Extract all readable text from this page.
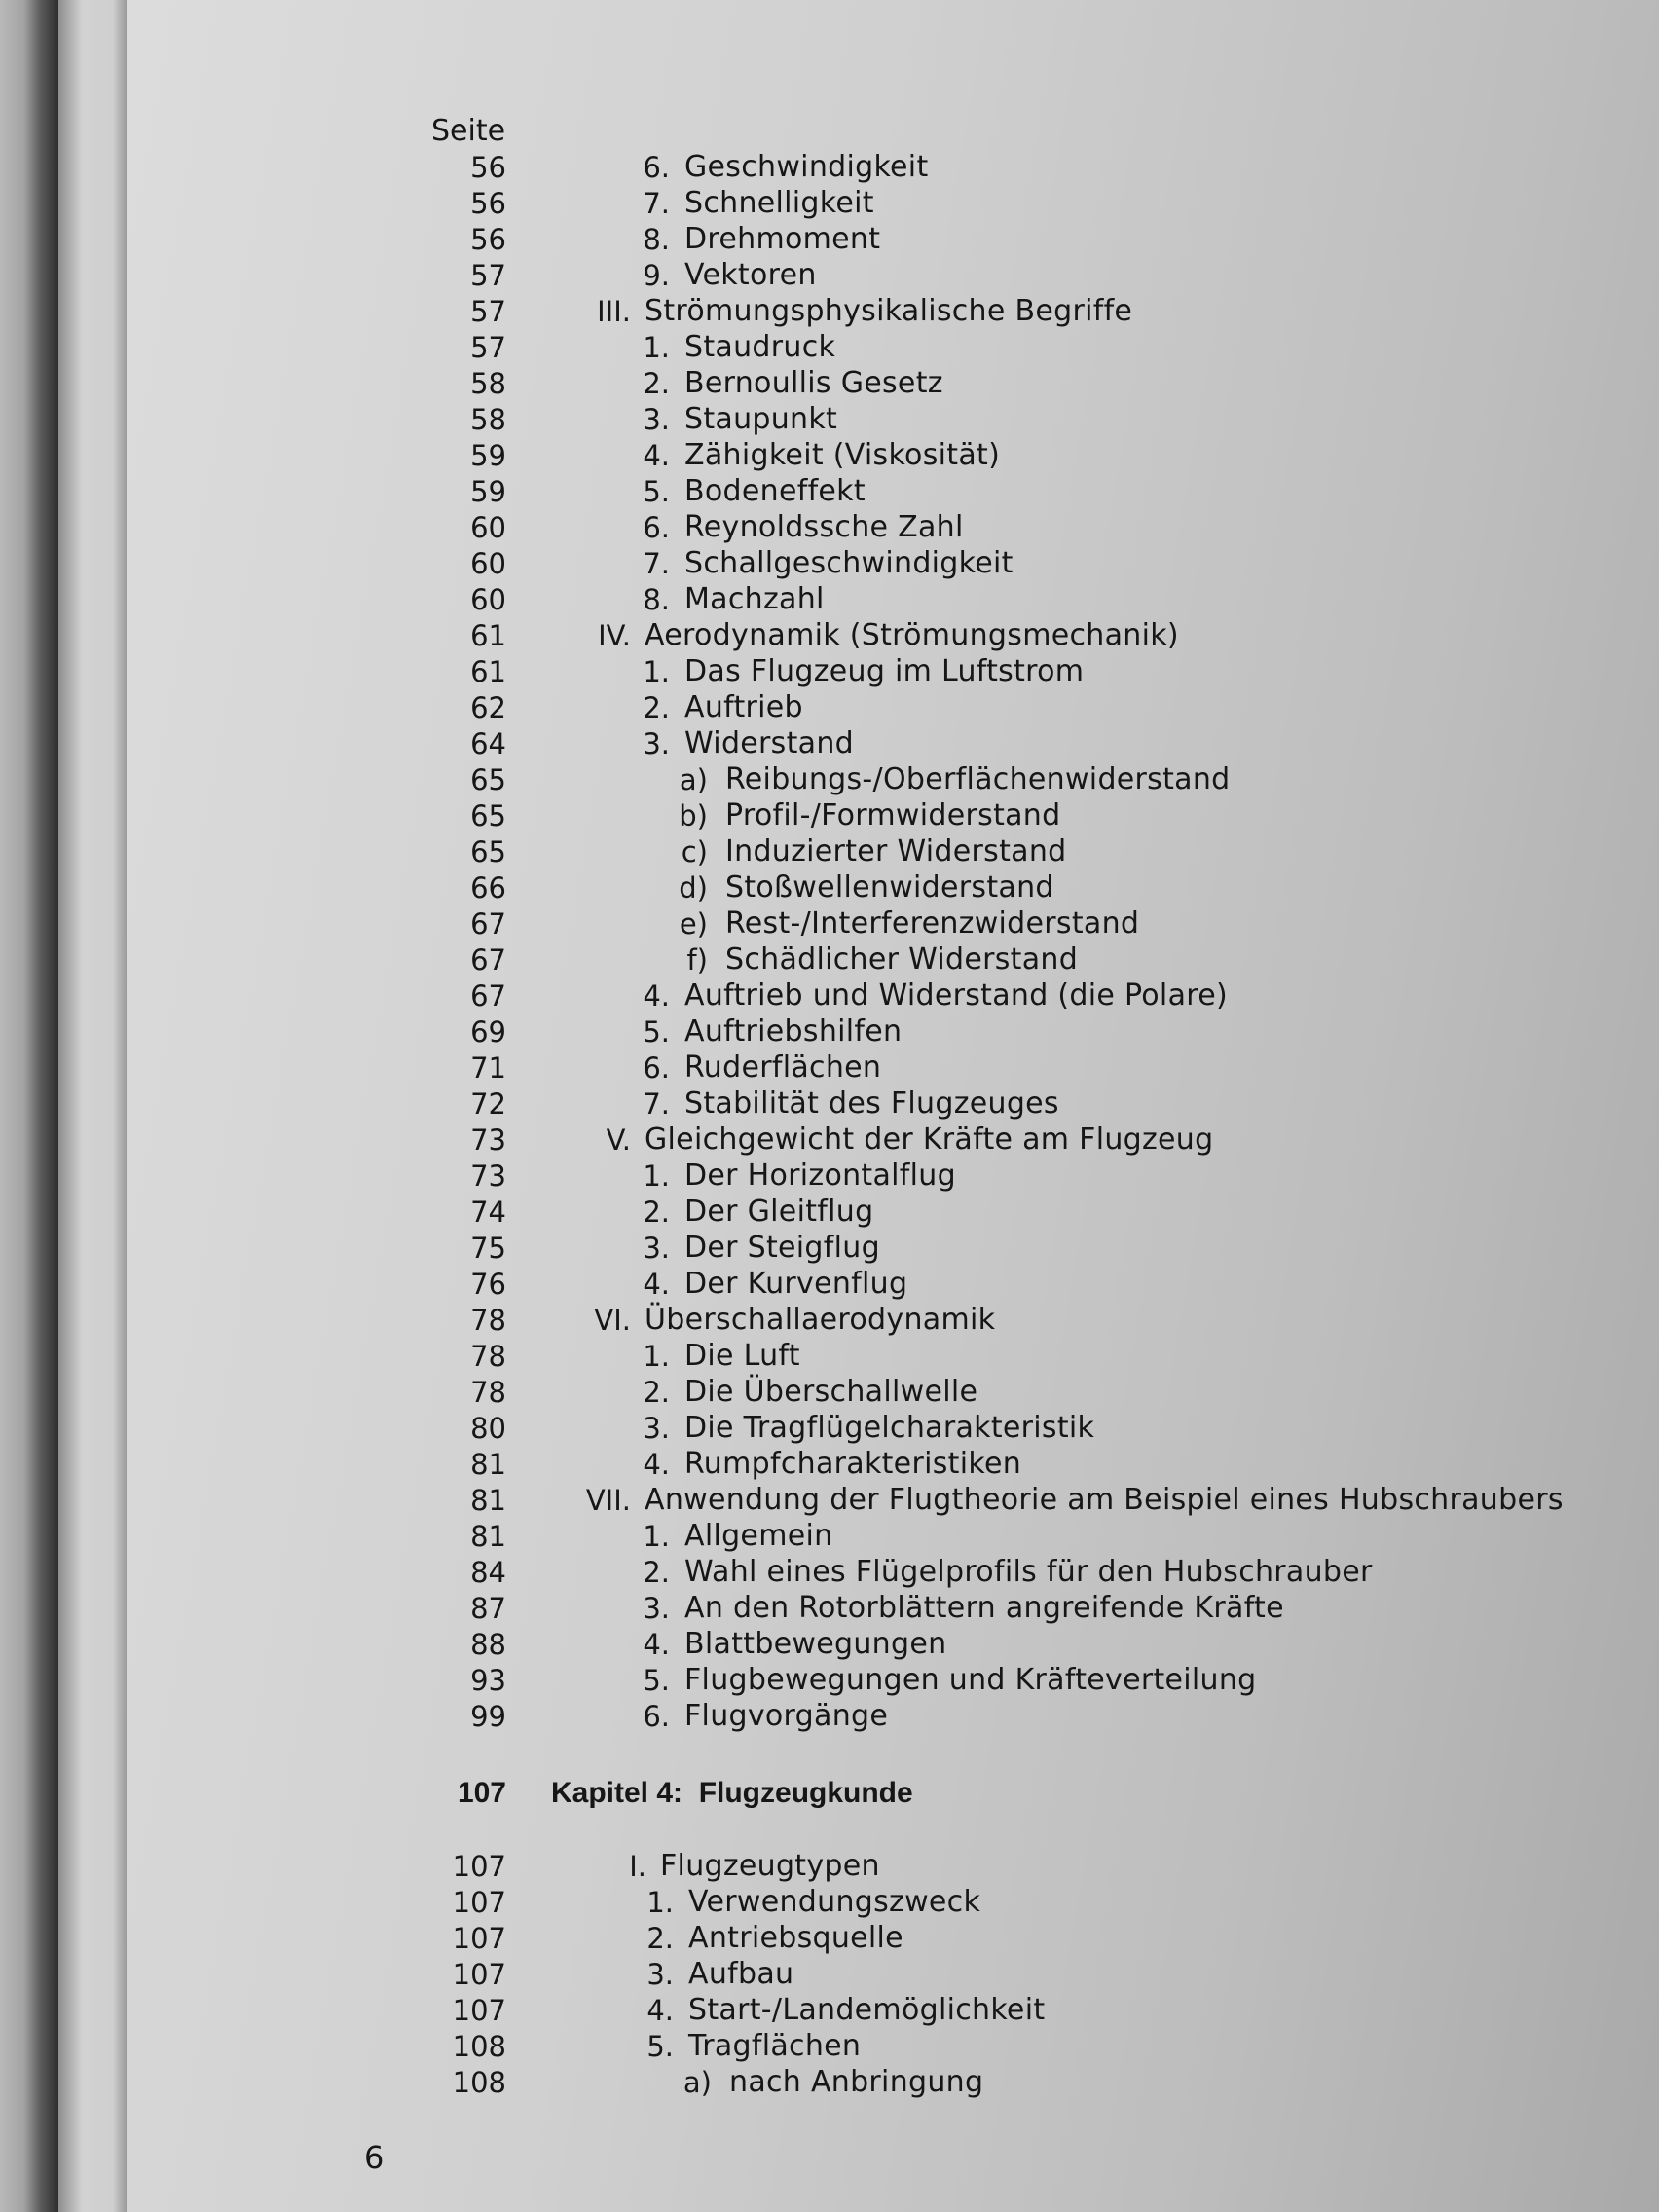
Seite
56	6. Geschwindigkeit
56	7. Schnelligkeit
56	8. Drehmoment
57	9. Vektoren
57	III. Strömungsphysikalische Begriffe
57	1. Staudruck
58	2. Bernoullis Gesetz
58	3. Staupunkt
59	4. Zähigkeit (Viskosität)
59	5. Bodeneffekt
60	6. Reynoldssche Zahl
60	7. Schallgeschwindigkeit
60	8. Machzahl
61	IV. Aerodynamik (Strömungsmechanik)
61	1. Das Flugzeug im Luftstrom
62	2. Auftrieb
64	3. Widerstand
65	a) Reibungs-/Oberflächenwiderstand
65	b) Profil-/Formwiderstand
65	c) Induzierter Widerstand
66	d) Stoßwellenwiderstand
67	e) Rest-/Interferenzwiderstand
67	f) Schädlicher Widerstand
67	4. Auftrieb und Widerstand (die Polare)
69	5. Auftriebshilfen
71	6. Ruderflächen
72	7. Stabilität des Flugzeuges
73	V. Gleichgewicht der Kräfte am Flugzeug
73	1. Der Horizontalflug
74	2. Der Gleitflug
75	3. Der Steigflug
76	4. Der Kurvenflug
78	VI. Überschallaerodynamik
78	1. Die Luft
78	2. Die Überschallwelle
80	3. Die Tragflügelcharakteristik
81	4. Rumpfcharakteristiken
81	VII. Anwendung der Flugtheorie am Beispiel eines Hubschraubers
81	1. Allgemein
84	2. Wahl eines Flügelprofils für den Hubschrauber
87	3. An den Rotorblättern angreifende Kräfte
88	4. Blattbewegungen
93	5. Flugbewegungen und Kräfteverteilung
99	6. Flugvorgänge
107 Kapitel 4:  Flugzeugkunde
107	I. Flugzeugtypen
107	1. Verwendungszweck
107	2. Antriebsquelle
107	3. Aufbau
107	4. Start-/Landemöglichkeit
108	5. Tragflächen
108	a) nach Anbringung
6
